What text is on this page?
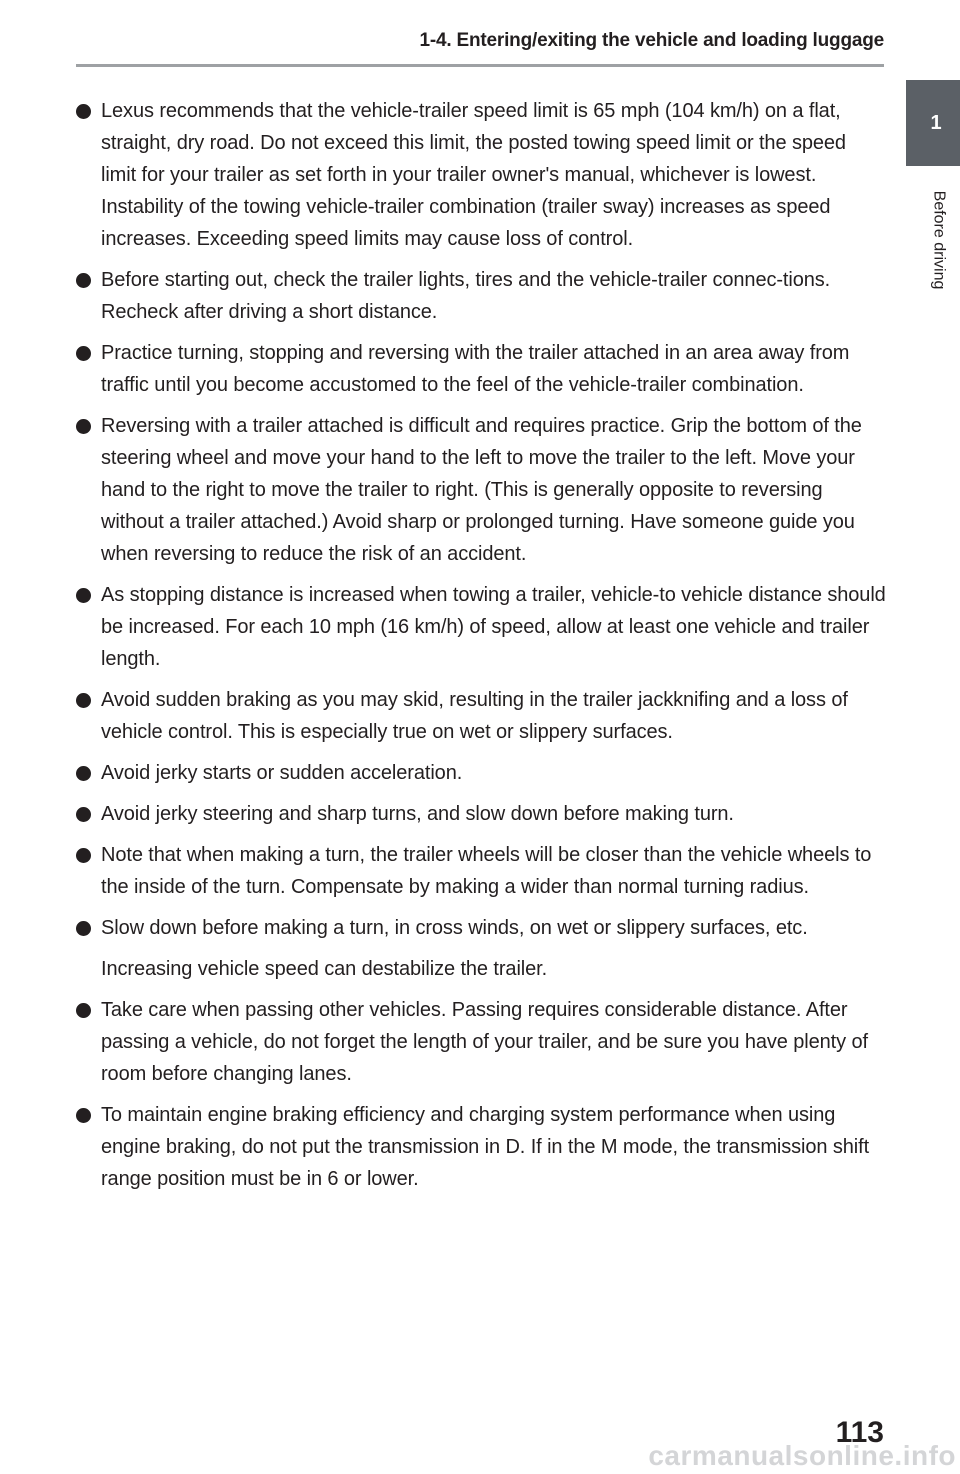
1-4. Entering/exiting the vehicle and loading luggage
1
Before driving
Lexus recommends that the vehicle-trailer speed limit is 65 mph (104 km/h) on a flat, straight, dry road. Do not exceed this limit, the posted towing speed limit or the speed limit for your trailer as set forth in your trailer owner's manual, whichever is lowest. Instability of the towing vehicle-trailer combination (trailer sway) increases as speed increases. Exceeding speed limits may cause loss of control.
Before starting out, check the trailer lights, tires and the vehicle-trailer connec-tions. Recheck after driving a short distance.
Practice turning, stopping and reversing with the trailer attached in an area away from traffic until you become accustomed to the feel of the vehicle-trailer combination.
Reversing with a trailer attached is difficult and requires practice. Grip the bottom of the steering wheel and move your hand to the left to move the trailer to the left. Move your hand to the right to move the trailer to right. (This is generally opposite to reversing without a trailer attached.) Avoid sharp or prolonged turning. Have someone guide you when reversing to reduce the risk of an accident.
As stopping distance is increased when towing a trailer, vehicle-to vehicle distance should be increased. For each 10 mph (16 km/h) of speed, allow at least one vehicle and trailer length.
Avoid sudden braking as you may skid, resulting in the trailer jackknifing and a loss of vehicle control. This is especially true on wet or slippery surfaces.
Avoid jerky starts or sudden acceleration.
Avoid jerky steering and sharp turns, and slow down before making turn.
Note that when making a turn, the trailer wheels will be closer than the vehicle wheels to the inside of the turn. Compensate by making a wider than normal turning radius.
Slow down before making a turn, in cross winds, on wet or slippery surfaces, etc.
Increasing vehicle speed can destabilize the trailer.
Take care when passing other vehicles. Passing requires considerable distance. After passing a vehicle, do not forget the length of your trailer, and be sure you have plenty of room before changing lanes.
To maintain engine braking efficiency and charging system performance when using engine braking, do not put the transmission in D. If in the M mode, the transmission shift range position must be in 6 or lower.
113
carmanualsonline.info
